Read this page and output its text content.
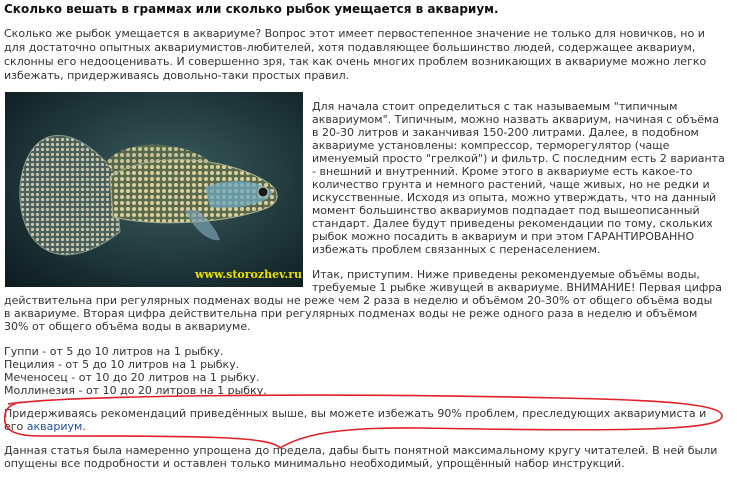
Сколько вешать в граммах или сколько рыбок умещается в аквариум.
Сколько же рыбок умещается в аквариуме? Вопрос этот имеет первостепенное значение не только для новичков, но и
для достаточно опытных аквариумистов-любителей, хотя подавляющее большинство людей, содержащее аквариум,
склонны его недооценивать. И совершенно зря, так как очень многих проблем возникающих в аквариуме можно легко
избежать, придерживаясь довольно-таки простых правил.
www.storozhev.ru
Для начала стоит определиться с так называемым "типичным
аквариумом". Типичным, можно назвать аквариум, начиная с объёма
в 20-30 литров и заканчивая 150-200 литрами. Далее, в подобном
аквариуме установлены: компрессор, терморегулятор (чаще
именуемый просто "грелкой") и фильтр. С последним есть 2 варианта
- внешний и внутренний. Кроме этого в аквариуме есть какое-то
количество грунта и немного растений, чаще живых, но не редки и
искусственные. Исходя из опыта, можно утверждать, что на данный
момент большинство аквариумов подпадает под вышеописанный
стандарт. Далее будут приведены рекомендации по тому, скольких
рыбок можно посадить в аквариум и при этом ГАРАНТИРОВАННО
избежать проблем связанных с перенаселением.
Итак, приступим. Ниже приведены рекомендуемые объёмы воды,
требуемые 1 рыбке живущей в аквариуме. ВНИМАНИЕ! Первая цифра
действительна при регулярных подменах воды не реже чем 2 раза в неделю и объёмом 20-30% от общего объёма воды
в аквариуме. Вторая цифра действительна при регулярных подменах воды не реже одного раза в неделю и объёмом
30% от общего объёма воды в аквариуме.
Гуппи - от 5 до 10 литров на 1 рыбку.
Пецилия - от 5 до 10 литров на 1 рыбку.
Меченосец - от 10 до 20 литров на 1 рыбку.
Моллинезия - от 10 до 20 литров на 1 рыбку.
Придерживаясь рекомендаций приведённых выше, вы можете избежать 90% проблем, преследующих аквариумиста и
его аквариум.
Данная статья была намеренно упрощена до предела, дабы быть понятной максимальному кругу читателей. В ней были
опущены все подробности и оставлен только минимально необходимый, упрощённый набор инструкций.
